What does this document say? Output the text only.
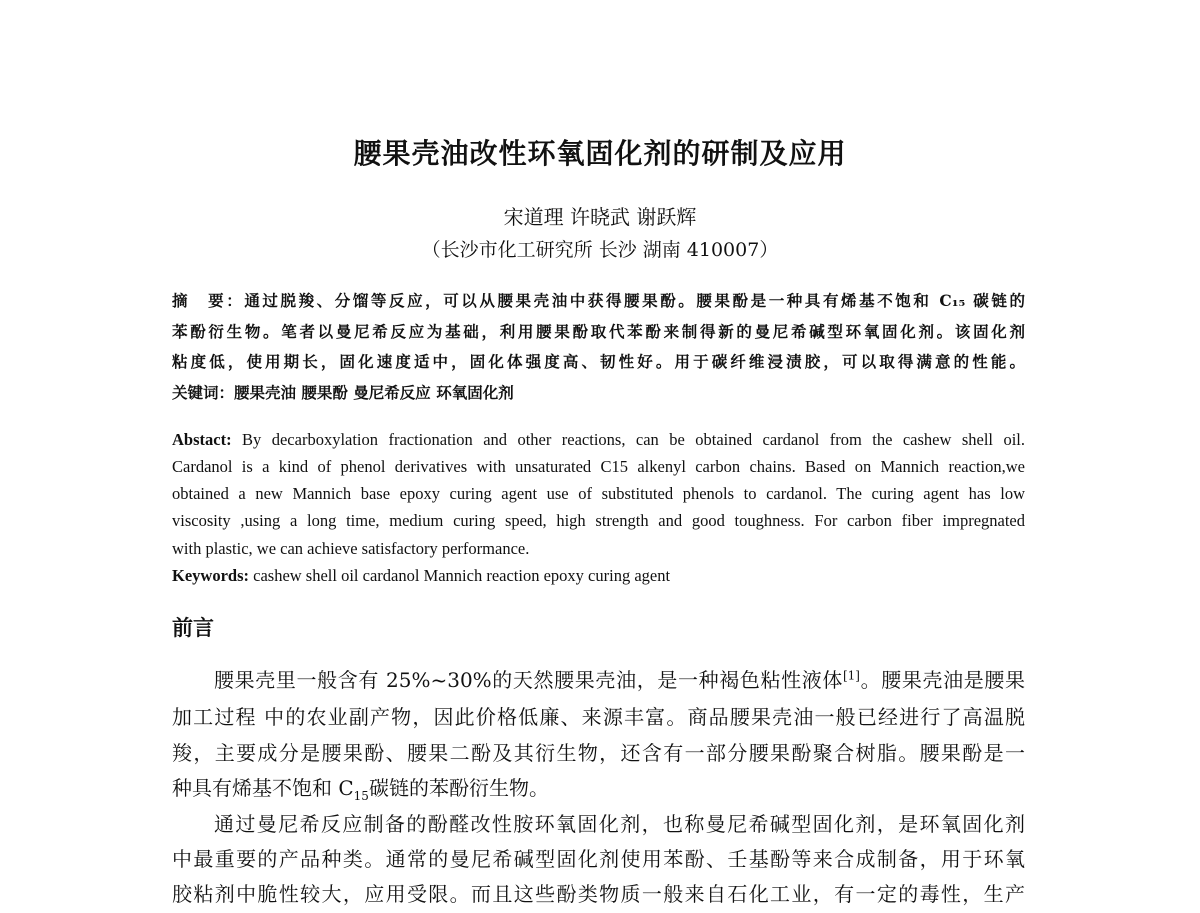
腰果壳油改性环氧固化剂的研制及应用
宋道理 许晓武 谢跃辉
（长沙市化工研究所 长沙 湖南 410007）
摘　要：通过脱羧、分馏等反应，可以从腰果壳油中获得腰果酚。腰果酚是一种具有烯基不饱和 C₁₅ 碳链的
苯酚衍生物。笔者以曼尼希反应为基础，利用腰果酚取代苯酚来制得新的曼尼希碱型环氧固化剂。该固化剂
粘度低，使用期长，固化速度适中，固化体强度高、韧性好。用于碳纤维浸渍胶，可以取得满意的性能。
关键词：腰果壳油 腰果酚 曼尼希反应 环氧固化剂
Abstact: By decarboxylation fractionation and other reactions, can be obtained cardanol from the cashew shell oil.
Cardanol is a kind of phenol derivatives with unsaturated C15 alkenyl carbon chains. Based on Mannich reaction,we
obtained a new Mannich base epoxy curing agent use of substituted phenols to cardanol. The curing agent has low
viscosity ,using a long time, medium curing speed, high strength and good toughness. For carbon fiber impregnated
with plastic, we can achieve satisfactory performance.
Keywords: cashew shell oil cardanol Mannich reaction epoxy curing agent
前言
腰果壳里一般含有 25%~30%的天然腰果壳油，是一种褐色粘性液体[1]。腰果壳油是腰果
加工过程 中的农业副产物，因此价格低廉、来源丰富。商品腰果壳油一般已经进行了高温脱
羧，主要成分是腰果酚、腰果二酚及其衍生物，还含有一部分腰果酚聚合树脂。腰果酚是一
种具有烯基不饱和 $C_{15}$碳链的苯酚衍生物。
通过曼尼希反应制备的酚醛改性胺环氧固化剂，也称曼尼希碱型固化剂，是环氧固化剂
中最重要的产品种类。通常的曼尼希碱型固化剂使用苯酚、壬基酚等来合成制备，用于环氧
胶粘剂中脆性较大，应用受限。而且这些酚类物质一般来自石化工业，有一定的毒性，生产
